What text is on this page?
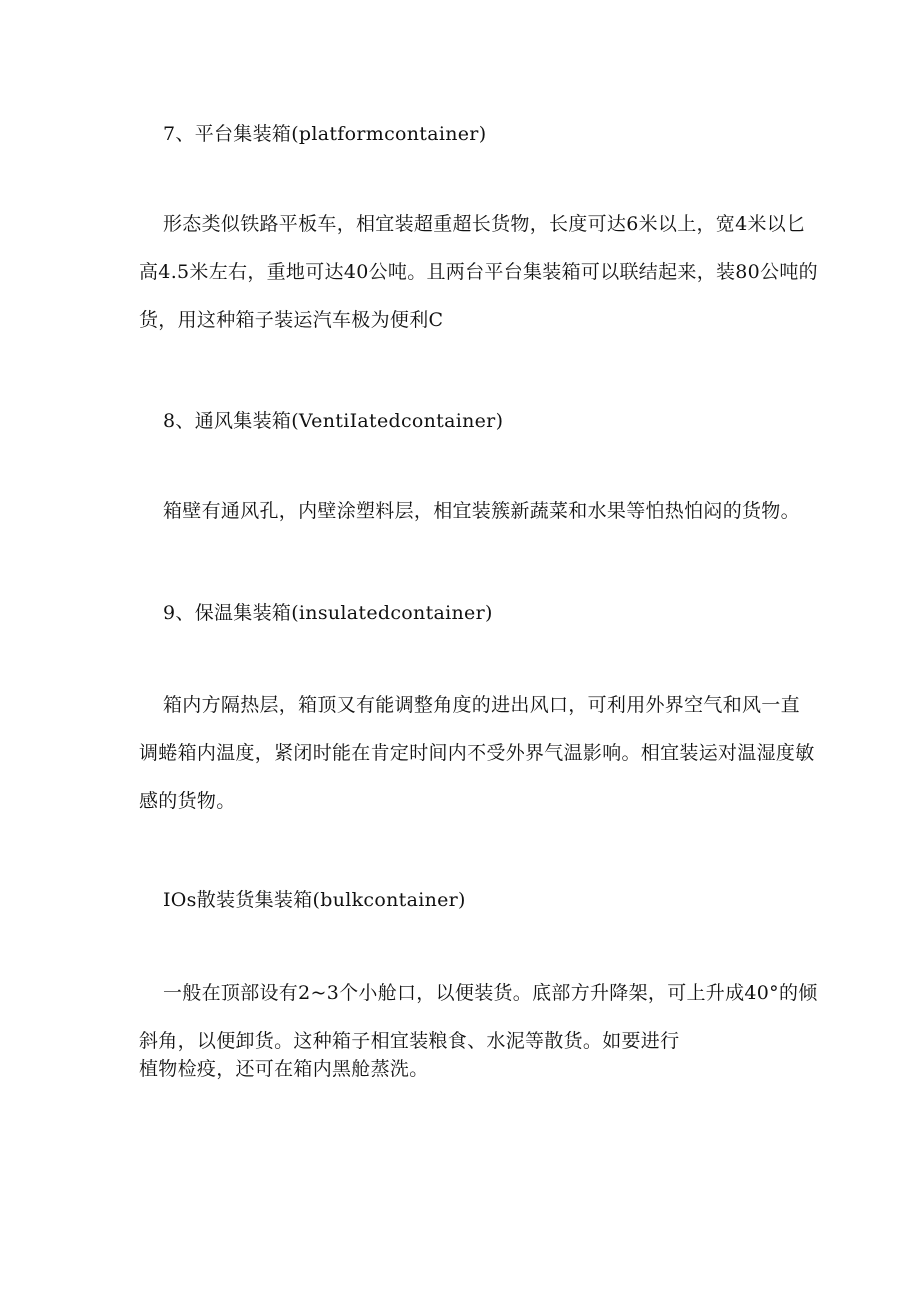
7、平台集装箱(platformcontainer)

形态类似铁路平板车，相宜装超重超长货物，长度可达6米以上，宽4米以匕

高4.5米左右，重地可达40公吨。且两台平台集装箱可以联结起来，装80公吨的

货，用这种箱子装运汽车极为便利C

8、通风集装箱(VentiIatedcontainer)

箱壁有通风孔，内壁涂塑料层，相宜装簇新蔬菜和水果等怕热怕闷的货物。

9、保温集装箱(insulatedcontainer)

箱内方隔热层，箱顶又有能调整角度的进出风口，可利用外界空气和风一直

调蜷箱内温度，紧闭时能在肯定时间内不受外界气温影响。相宜装运对温湿度敏

感的货物。

IOs散装货集装箱(bulkcontainer)

一般在顶部设有2~3个小舱口，以便装货。底部方升降架，可上升成40°的倾

斜角，以便卸货。这种箱子相宜装粮食、水泥等散货。如要进行

植物检疫，还可在箱内黑舱蒸洗。
